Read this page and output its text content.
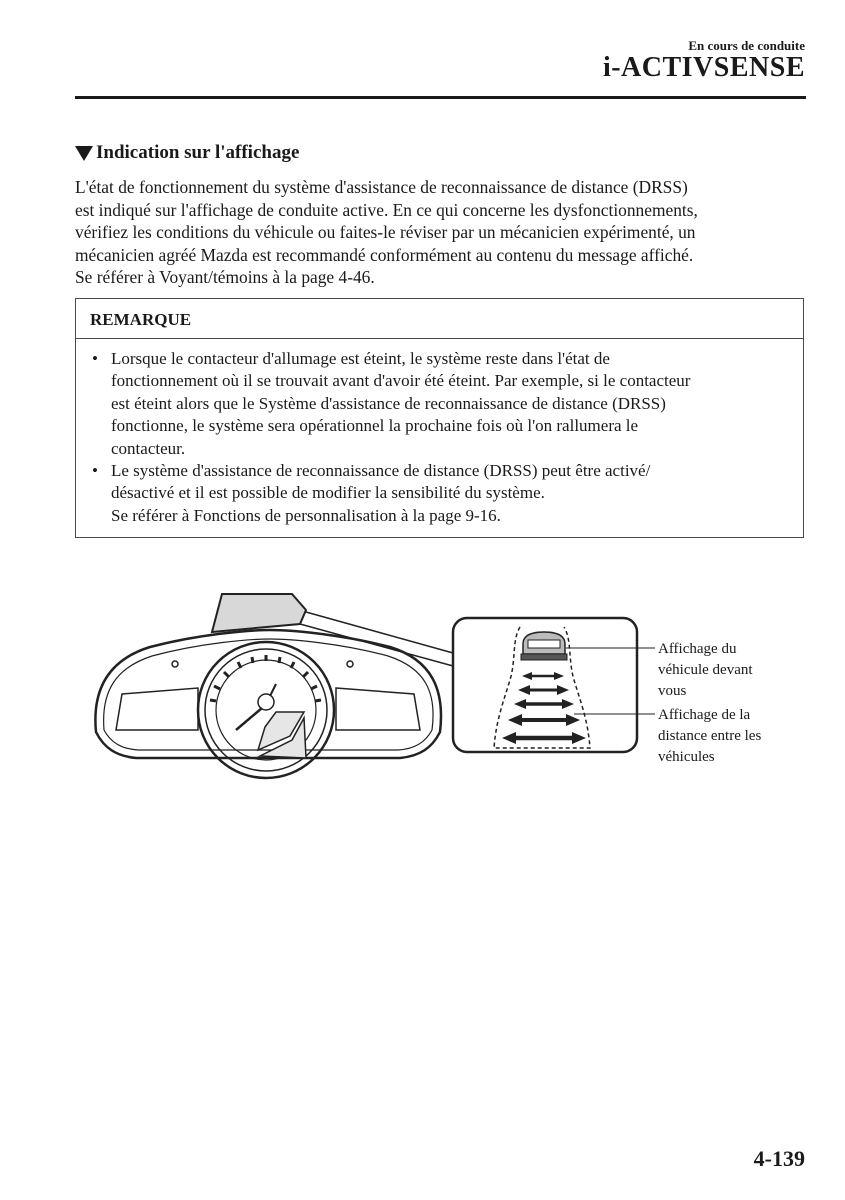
En cours de conduite
i-ACTIVSENSE
Indication sur l'affichage
L'état de fonctionnement du système d'assistance de reconnaissance de distance (DRSS)
est indiqué sur l'affichage de conduite active. En ce qui concerne les dysfonctionnements,
vérifiez les conditions du véhicule ou faites-le réviser par un mécanicien expérimenté, un
mécanicien agréé Mazda est recommandé conformément au contenu du message affiché.
Se référer à Voyant/témoins à la page 4-46.
REMARQUE
• Lorsque le contacteur d'allumage est éteint, le système reste dans l'état de
fonctionnement où il se trouvait avant d'avoir été éteint. Par exemple, si le contacteur
est éteint alors que le Système d'assistance de reconnaissance de distance (DRSS)
fonctionne, le système sera opérationnel la prochaine fois où l'on rallumera le
contacteur.
• Le système d'assistance de reconnaissance de distance (DRSS) peut être activé/
désactivé et il est possible de modifier la sensibilité du système.
Se référer à Fonctions de personnalisation à la page 9-16.
Affichage du
véhicule devant
vous
Affichage de la
distance entre les
véhicules
4-139
